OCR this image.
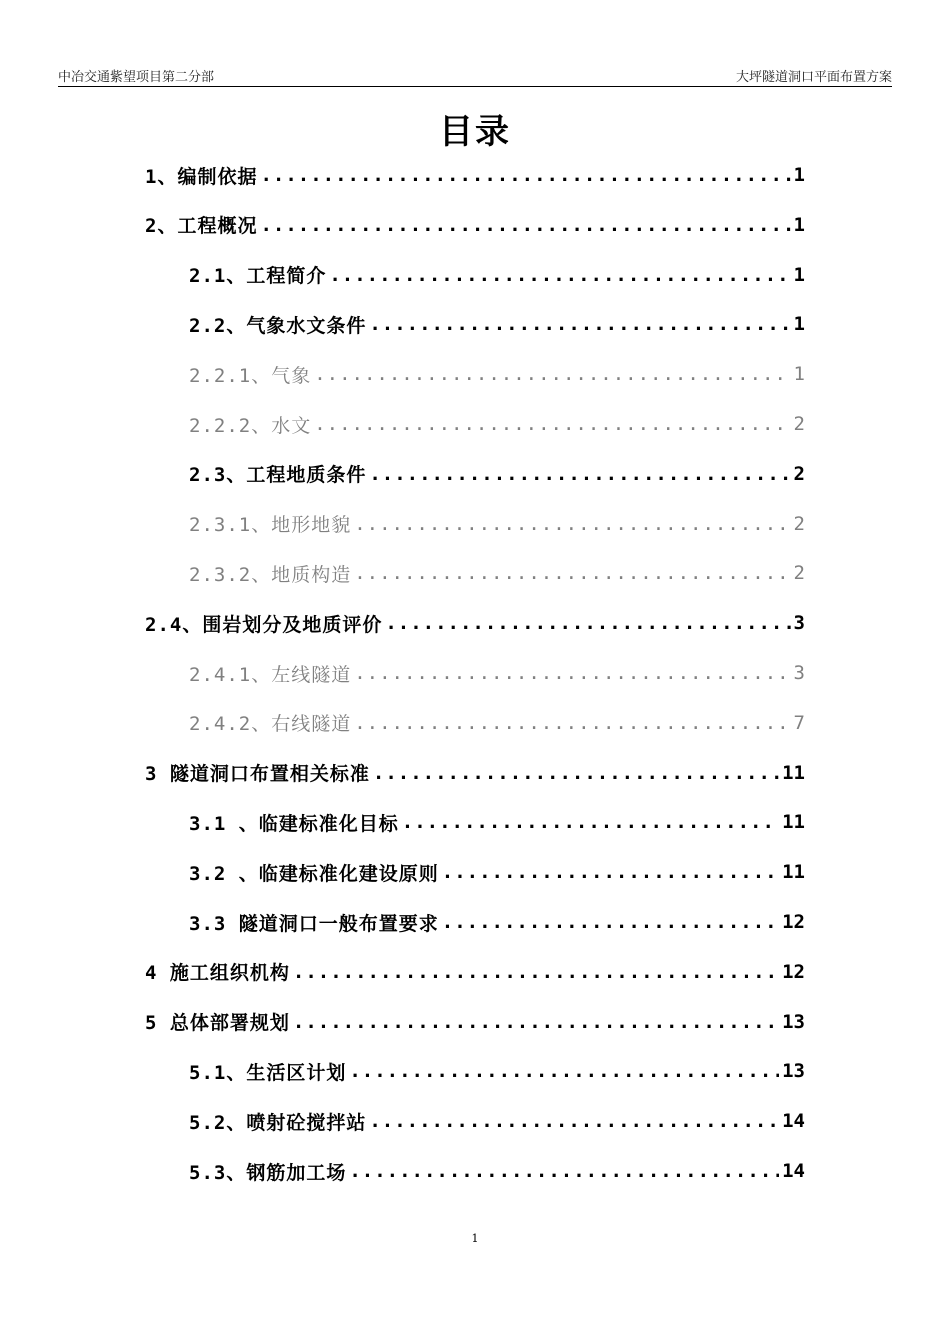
中冶交通紫望项目第二分部	大坪隧道洞口平面布置方案
目录
1、编制依据 .....	1
2、工程概况 .....	1
2.1、工程简介 .....	1
2.2、气象水文条件 .....	1
2.2.1、气象 .....	1
2.2.2、水文 .....	2
2.3、工程地质条件 .....	2
2.3.1、地形地貌 .....	2
2.3.2、地质构造 .....	2
2.4、围岩划分及地质评价 .....	3
2.4.1、左线隧道 .....	3
2.4.2、右线隧道 .....	7
3 隧道洞口布置相关标准 .....	11
3.1 、临建标准化目标 .....	11
3.2 、临建标准化建设原则 .....	11
3.3 隧道洞口一般布置要求 .....	12
4 施工组织机构 .....	12
5 总体部署规划 .....	13
5.1、生活区计划 .....	13
5.2、喷射砼搅拌站 .....	14
5.3、钢筋加工场 .....	14
1
